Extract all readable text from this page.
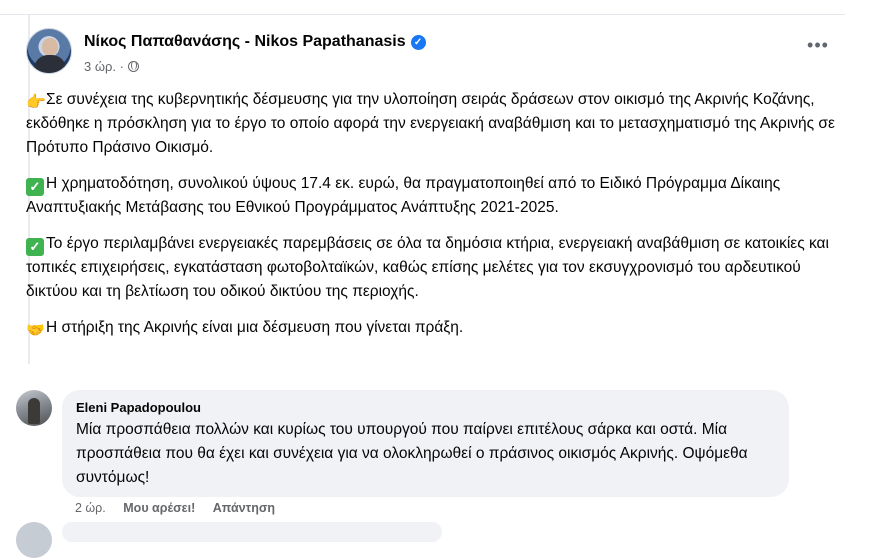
Νίκος Παπαθανάσης - Nikos Papathanasis ✓
3 ώρ. ·
•••

👉Σε συνέχεια της κυβερνητικής δέσμευσης για την υλοποίηση σειράς δράσεων στον οικισμό της Ακρινής Κοζάνης, εκδόθηκε η πρόσκληση για το έργο το οποίο αφορά την ενεργειακή αναβάθμιση και το μετασχηματισμό της Ακρινής σε Πρότυπο Πράσινο Οικισμό.

✓ Η χρηματοδότηση, συνολικού ύψους 17.4 εκ. ευρώ, θα πραγματοποιηθεί από το Ειδικό Πρόγραμμα Δίκαιης Αναπτυξιακής Μετάβασης του Εθνικού Προγράμματος Ανάπτυξης 2021-2025.

✓ Το έργο περιλαμβάνει ενεργειακές παρεμβάσεις σε όλα τα δημόσια κτήρια, ενεργειακή αναβάθμιση σε κατοικίες και τοπικές επιχειρήσεις, εγκατάσταση φωτοβολταϊκών, καθώς επίσης μελέτες για τον εκσυγχρονισμό του αρδευτικού δικτύου και τη βελτίωση του οδικού δικτύου της περιοχής.

🤝Η στήριξη της Ακρινής είναι μια δέσμευση που γίνεται πράξη.

Eleni Papadopoulou
Μία προσπάθεια πολλών και κυρίως του υπουργού που παίρνει επιτέλους σάρκα και οστά. Μία προσπάθεια που θα έχει και συνέχεια για να ολοκληρωθεί ο πράσινος οικισμός Ακρινής. Οψόμεθα συντόμως!
2 ώρ. Μου αρέσει! Απάντηση
